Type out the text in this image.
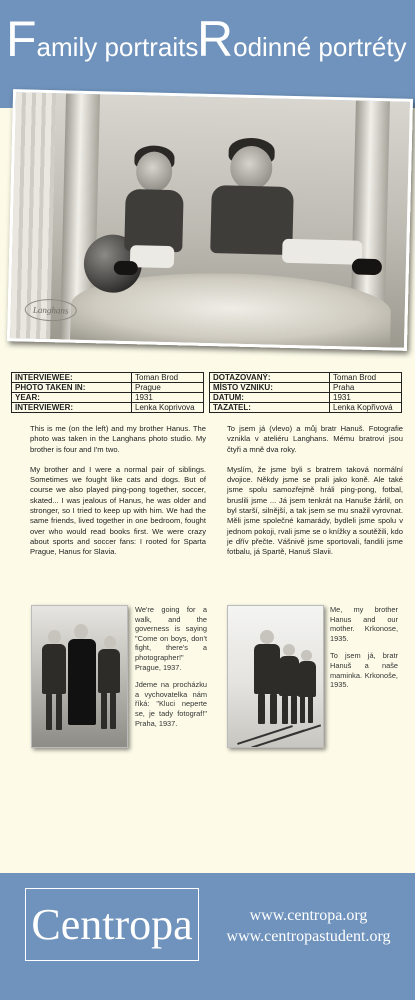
Family portraits
Rodinné portréty
Langhans
INTERVIEWEE:	Toman Brod
PHOTO TAKEN IN:	Prague
YEAR:	1931
INTERVIEWER:	Lenka Koprivova
DOTAZOVANÝ:	Toman Brod
MÍSTO VZNIKU:	Praha
DATUM:	1931
TAZATEL:	Lenka Kopřivová

This is me (on the left) and my brother Hanus. The photo was taken in the Langhans photo studio. My brother is four and I'm two.

My brother and I were a normal pair of siblings. Sometimes we fought like cats and dogs. But of course we also played ping-pong together, soccer, skated... I was jealous of Hanus, he was older and stronger, so I tried to keep up with him. We had the same friends, lived together in one bedroom, fought over who would read books first. We were crazy about sports and soccer fans: I rooted for Sparta Prague, Hanus for Slavia.

To jsem já (vlevo) a můj bratr Hanuš. Fotografie vznikla v ateliéru Langhans. Mému bratrovi jsou čtyři a mně dva roky.

Myslím, že jsme byli s bratrem taková normální dvojice. Někdy jsme se prali jako koně. Ale také jsme spolu samozřejmě hráli ping-pong, fotbal, bruslili jsme ... Já jsem tenkrát na Hanuše žárlil, on byl starší, silnější, a tak jsem se mu snažil vyrovnat. Měli jsme společné kamarády, bydleli jsme spolu v jednom pokoji, rvali jsme se o knížky a soutěžili, kdo je dřív přečte. Vášnivě jsme sportovali, fandili jsme fotbalu, já Spartě, Hanuš Slavii.

We're going for a walk, and the governess is saying "Come on boys, don't fight, there's a photographer!" Prague, 1937.

Jdeme na procházku a vychovatelka nám říká: "Kluci neperte se, je tady fotograf!" Praha, 1937.

Me, my brother Hanus and our mother. Krkonose, 1935.

To jsem já, bratr Hanuš a naše maminka. Krkonoše, 1935.

Centropa	www.centropa.org
www.centropastudent.org
